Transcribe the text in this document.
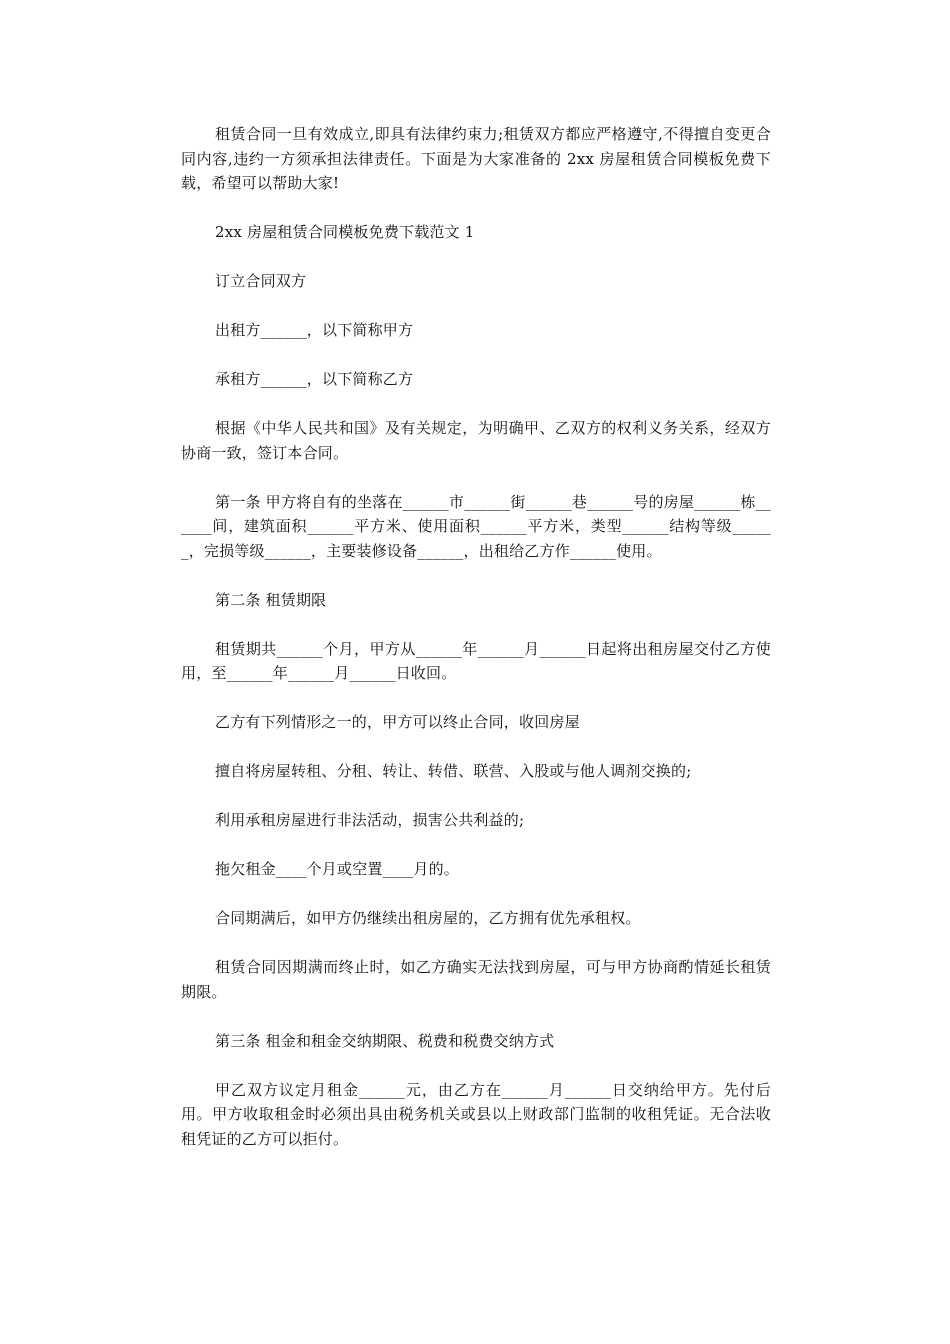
租赁合同一旦有效成立,即具有法律约束力;租赁双方都应严格遵守,不得擅自变更合同内容,违约一方须承担法律责任。下面是为大家准备的 2xx 房屋租赁合同模板免费下载，希望可以帮助大家!

2xx 房屋租赁合同模板免费下载范文 1

订立合同双方

出租方______，以下简称甲方

承租方______，以下简称乙方

根据《中华人民共和国》及有关规定，为明确甲、乙双方的权利义务关系，经双方协商一致，签订本合同。

第一条 甲方将自有的坐落在______市______街______巷______号的房屋______栋______间，建筑面积______平方米、使用面积______平方米，类型______结构等级______，完损等级______，主要装修设备______，出租给乙方作______使用。

第二条 租赁期限

租赁期共______个月，甲方从______年______月______日起将出租房屋交付乙方使用，至______年______月______日收回。

乙方有下列情形之一的，甲方可以终止合同，收回房屋

擅自将房屋转租、分租、转让、转借、联营、入股或与他人调剂交换的;

利用承租房屋进行非法活动，损害公共利益的;

拖欠租金____个月或空置____月的。

合同期满后，如甲方仍继续出租房屋的，乙方拥有优先承租权。

租赁合同因期满而终止时，如乙方确实无法找到房屋，可与甲方协商酌情延长租赁期限。

第三条 租金和租金交纳期限、税费和税费交纳方式

甲乙双方议定月租金______元，由乙方在______月______日交纳给甲方。先付后用。甲方收取租金时必须出具由税务机关或县以上财政部门监制的收租凭证。无合法收租凭证的乙方可以拒付。
